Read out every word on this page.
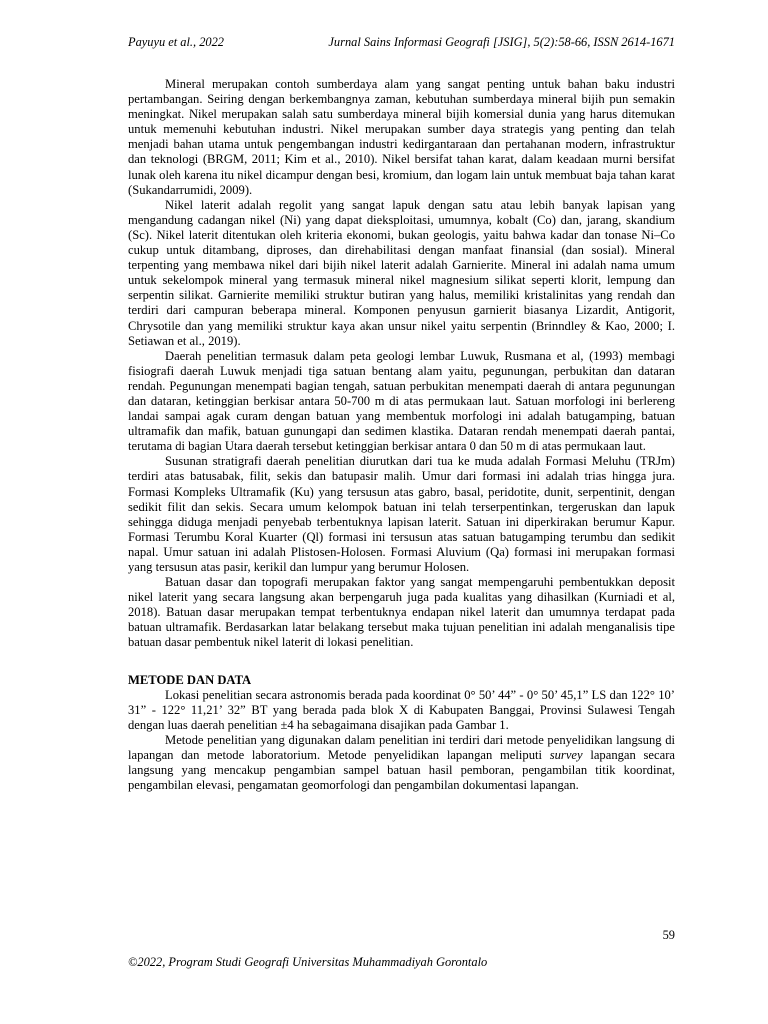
Payuyu et al., 2022	Jurnal Sains Informasi Geografi [JSIG], 5(2):58-66, ISSN 2614-1671

Mineral merupakan contoh sumberdaya alam yang sangat penting untuk bahan baku industri pertambangan. Seiring dengan berkembangnya zaman, kebutuhan sumberdaya mineral bijih pun semakin meningkat. Nikel merupakan salah satu sumberdaya mineral bijih komersial dunia yang harus ditemukan untuk memenuhi kebutuhan industri. Nikel merupakan sumber daya strategis yang penting dan telah menjadi bahan utama untuk pengembangan industri kedirgantaraan dan pertahanan modern, infrastruktur dan teknologi (BRGM, 2011; Kim et al., 2010). Nikel bersifat tahan karat, dalam keadaan murni bersifat lunak oleh karena itu nikel dicampur dengan besi, kromium, dan logam lain untuk membuat baja tahan karat (Sukandarrumidi, 2009).

Nikel laterit adalah regolit yang sangat lapuk dengan satu atau lebih banyak lapisan yang mengandung cadangan nikel (Ni) yang dapat dieksploitasi, umumnya, kobalt (Co) dan, jarang, skandium (Sc). Nikel laterit ditentukan oleh kriteria ekonomi, bukan geologis, yaitu bahwa kadar dan tonase Ni–Co cukup untuk ditambang, diproses, dan direhabilitasi dengan manfaat finansial (dan sosial). Mineral terpenting yang membawa nikel dari bijih nikel laterit adalah Garnierite. Mineral ini adalah nama umum untuk sekelompok mineral yang termasuk mineral nikel magnesium silikat seperti klorit, lempung dan serpentin silikat. Garnierite memiliki struktur butiran yang halus, memiliki kristalinitas yang rendah dan terdiri dari campuran beberapa mineral. Komponen penyusun garnierit biasanya Lizardit, Antigorit, Chrysotile dan yang memiliki struktur kaya akan unsur nikel yaitu serpentin (Brinndley & Kao, 2000; I. Setiawan et al., 2019).

Daerah penelitian termasuk dalam peta geologi lembar Luwuk, Rusmana et al, (1993) membagi fisiografi daerah Luwuk menjadi tiga satuan bentang alam yaitu, pegunungan, perbukitan dan dataran rendah. Pegunungan menempati bagian tengah, satuan perbukitan menempati daerah di antara pegunungan dan dataran, ketinggian berkisar antara 50-700 m di atas permukaan laut. Satuan morfologi ini berlereng landai sampai agak curam dengan batuan yang membentuk morfologi ini adalah batugamping, batuan ultramafik dan mafik, batuan gunungapi dan sedimen klastika. Dataran rendah menempati daerah pantai, terutama di bagian Utara daerah tersebut ketinggian berkisar antara 0 dan 50 m di atas permukaan laut.

Susunan stratigrafi daerah penelitian diurutkan dari tua ke muda adalah Formasi Meluhu (TRJm) terdiri atas batusabak, filit, sekis dan batupasir malih. Umur dari formasi ini adalah trias hingga jura. Formasi Kompleks Ultramafik (Ku) yang tersusun atas gabro, basal, peridotite, dunit, serpentinit, dengan sedikit filit dan sekis. Secara umum kelompok batuan ini telah terserpentinkan, tergeruskan dan lapuk sehingga diduga menjadi penyebab terbentuknya lapisan laterit. Satuan ini diperkirakan berumur Kapur. Formasi Terumbu Koral Kuarter (Ql) formasi ini tersusun atas satuan batugamping terumbu dan sedikit napal. Umur satuan ini adalah Plistosen-Holosen. Formasi Aluvium (Qa) formasi ini merupakan formasi yang tersusun atas pasir, kerikil dan lumpur yang berumur Holosen.

Batuan dasar dan topografi merupakan faktor yang sangat mempengaruhi pembentukkan deposit nikel laterit yang secara langsung akan berpengaruh juga pada kualitas yang dihasilkan (Kurniadi et al, 2018). Batuan dasar merupakan tempat terbentuknya endapan nikel laterit dan umumnya terdapat pada batuan ultramafik. Berdasarkan latar belakang tersebut maka tujuan penelitian ini adalah menganalisis tipe batuan dasar pembentuk nikel laterit di lokasi penelitian.

METODE DAN DATA

Lokasi penelitian secara astronomis berada pada koordinat 0° 50’ 44” - 0° 50’ 45,1” LS dan 122° 10’ 31” - 122° 11,21’ 32” BT yang berada pada blok X di Kabupaten Banggai, Provinsi Sulawesi Tengah dengan luas daerah penelitian ±4 ha sebagaimana disajikan pada Gambar 1.

Metode penelitian yang digunakan dalam penelitian ini terdiri dari metode penyelidikan langsung di lapangan dan metode laboratorium. Metode penyelidikan lapangan meliputi survey lapangan secara langsung yang mencakup pengambian sampel batuan hasil pemboran, pengambilan titik koordinat, pengambilan elevasi, pengamatan geomorfologi dan pengambilan dokumentasi lapangan.

59
©2022, Program Studi Geografi Universitas Muhammadiyah Gorontalo
